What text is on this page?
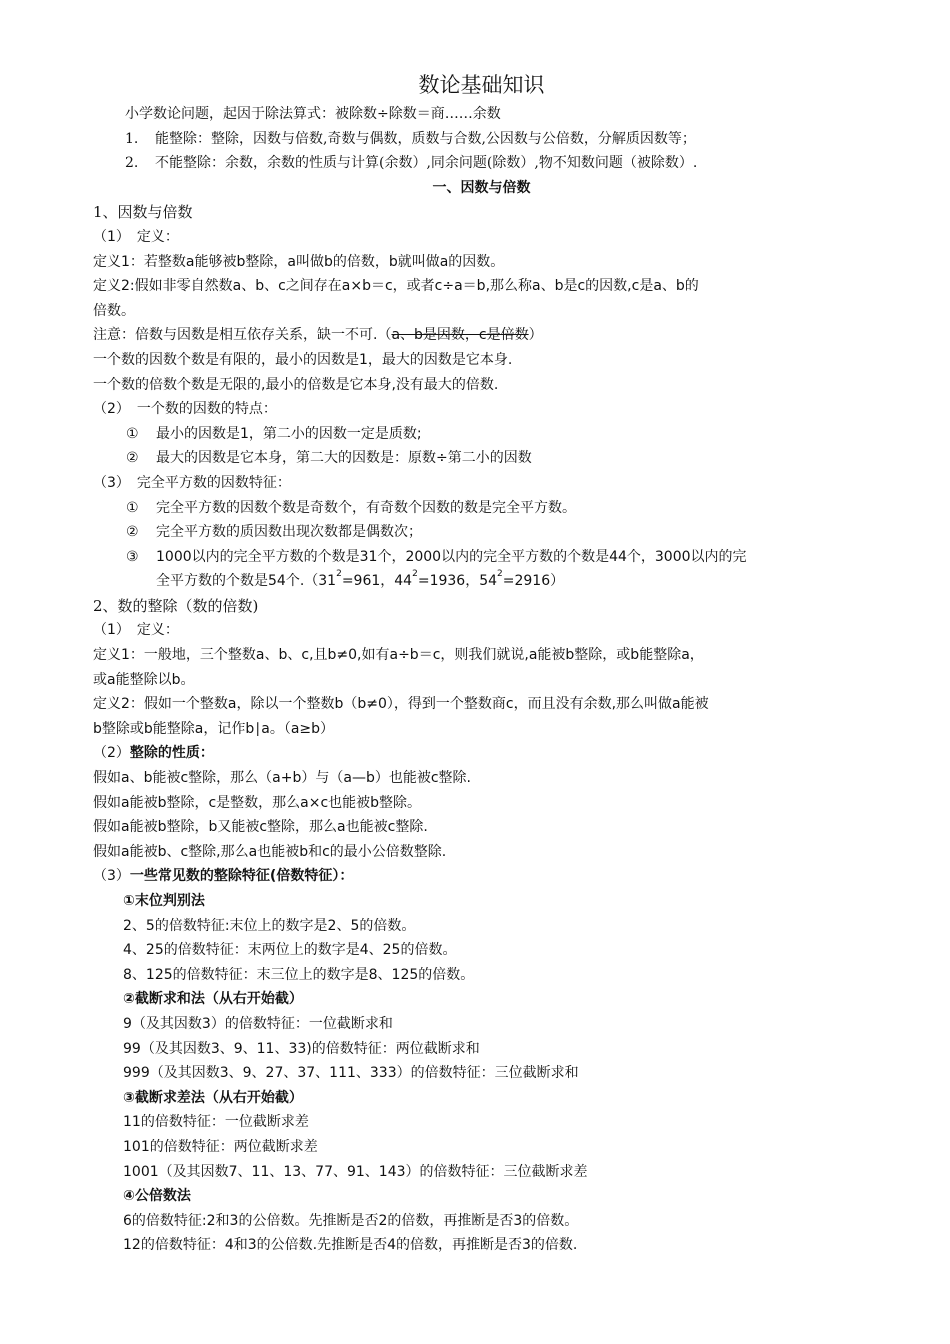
数论基础知识
小学数论问题，起因于除法算式：被除数÷除数＝商……余数
1. 能整除：整除，因数与倍数,奇数与偶数，质数与合数,公因数与公倍数，分解质因数等；
2. 不能整除：余数，余数的性质与计算(余数）,同余问题(除数）,物不知数问题（被除数）.
一、因数与倍数
1、因数与倍数
（1）　定义：
定义1：若整数a能够被b整除，a叫做b的倍数，b就叫做a的因数。
定义2:假如非零自然数a、b、c之间存在a×b＝c，或者c÷a＝b,那么称a、b是c的因数,c是a、b的
倍数。
注意：倍数与因数是相互依存关系，缺一不可.（a、b是因数，c是倍数）
一个数的因数个数是有限的，最小的因数是1，最大的因数是它本身.
一个数的倍数个数是无限的,最小的倍数是它本身,没有最大的倍数.
（2）　一个数的因数的特点：
① 最小的因数是1，第二小的因数一定是质数;
② 最大的因数是它本身，第二大的因数是：原数÷第二小的因数
（3）　完全平方数的因数特征：
① 完全平方数的因数个数是奇数个，有奇数个因数的数是完全平方数。
② 完全平方数的质因数出现次数都是偶数次；
③ 1000以内的完全平方数的个数是31个，2000以内的完全平方数的个数是44个，3000以内的完
全平方数的个数是54个$.(31^2=961$，$44^2=1936$，$54^2=2916$）
2、数的整除（数的倍数)
（1）　定义：
定义1：一般地，三个整数a、b、c,且b≠0,如有a÷b＝c，则我们就说,a能被b整除，或b能整除a，
或a能整除以b。
定义2：假如一个整数a，除以一个整数b（b≠0），得到一个整数商c，而且没有余数,那么叫做a能被
b整除或b能整除a，记作b∣a。（a≥b）
（2）整除的性质：
假如a、b能被c整除，那么（a+b）与（a—b）也能被c整除.
假如a能被b整除，c是整数，那么a×c也能被b整除。
假如a能被b整除，b又能被c整除，那么a也能被c整除.
假如a能被b、c整除,那么a也能被b和c的最小公倍数整除.
（3）一些常见数的整除特征(倍数特征）：
①末位判别法
2、5的倍数特征:末位上的数字是2、5的倍数。
4、25的倍数特征：末两位上的数字是4、25的倍数。
8、125的倍数特征：末三位上的数字是8、125的倍数。
②截断求和法（从右开始截）
9（及其因数3）的倍数特征：一位截断求和
99（及其因数3、9、11、33)的倍数特征：两位截断求和
999（及其因数3、9、27、37、111、333）的倍数特征：三位截断求和
③截断求差法（从右开始截）
11的倍数特征：一位截断求差
101的倍数特征：两位截断求差
1001（及其因数7、11、13、77、91、143）的倍数特征：三位截断求差
④公倍数法
6的倍数特征:2和3的公倍数。先推断是否2的倍数，再推断是否3的倍数。
12的倍数特征：4和3的公倍数.先推断是否4的倍数，再推断是否3的倍数.
